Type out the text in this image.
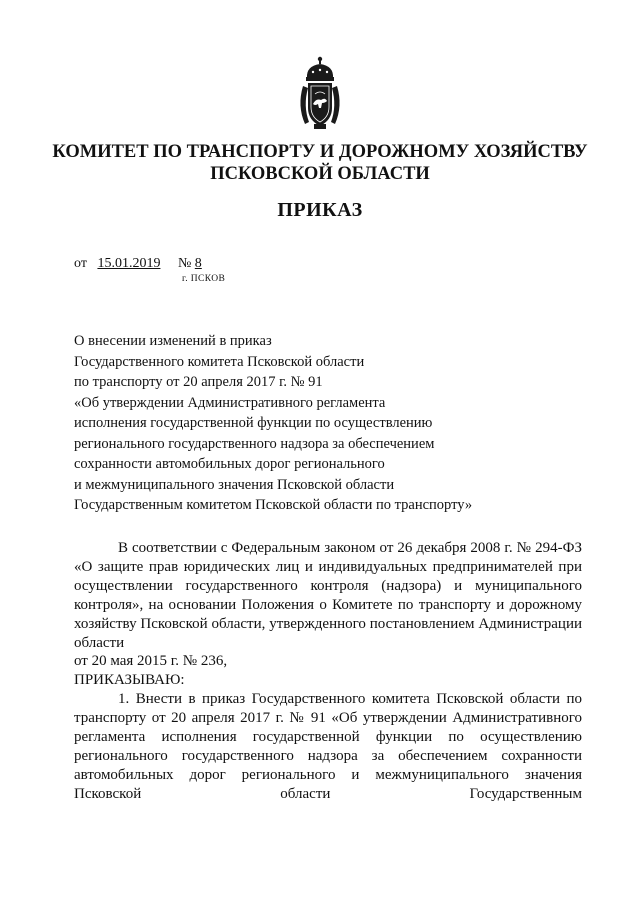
КОМИТЕТ ПО ТРАНСПОРТУ И ДОРОЖНОМУ ХОЗЯЙСТВУ
ПСКОВСКОЙ ОБЛАСТИ
ПРИКАЗ
от 15.01.2019 № 8
г. ПСКОВ
О внесении изменений в приказ
Государственного комитета Псковской области
по транспорту от 20 апреля 2017 г. № 91
«Об утверждении Административного регламента
исполнения государственной функции по осуществлению
регионального государственного надзора за обеспечением
сохранности автомобильных дорог регионального
и межмуниципального значения Псковской области
Государственным комитетом Псковской области по транспорту»

В соответствии с Федеральным законом от 26 декабря 2008 г. № 294-ФЗ «О защите прав юридических лиц и индивидуальных предпринимателей при осуществлении государственного контроля (надзора) и муниципального контроля», на основании Положения о Комитете по транспорту и дорожному хозяйству Псковской области, утвержденного постановлением Администрации области

от 20 мая 2015 г. № 236,

ПРИКАЗЫВАЮ:

1. Внести в приказ Государственного комитета Псковской области по транспорту от 20 апреля 2017 г. № 91 «Об утверждении Административного регламента исполнения государственной функции по осуществлению регионального государственного надзора за обеспечением сохранности автомобильных дорог регионального и межмуниципального значения Псковской области Государственным
